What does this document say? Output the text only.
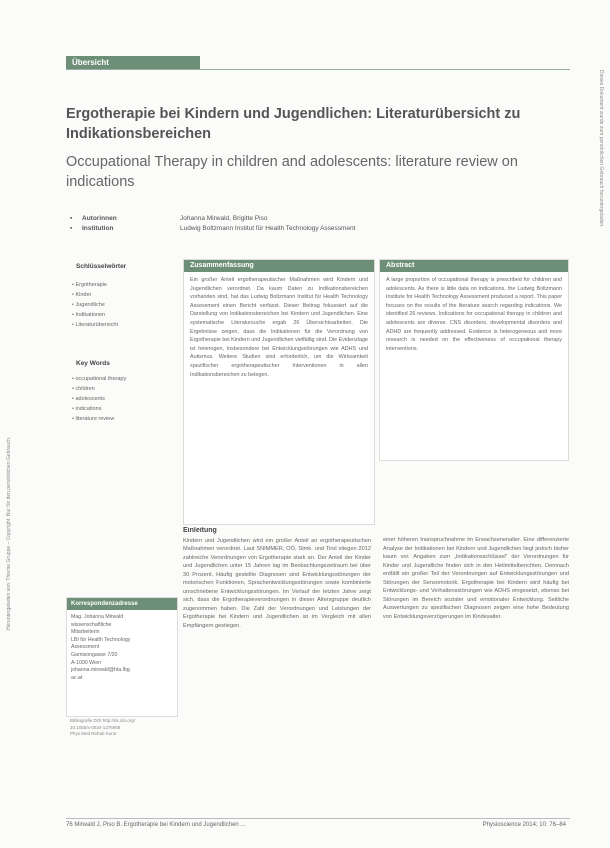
Heruntergeladen von: Thieme Gruppe – Copyright. Nur für den persönlichen Gebrauch.
Dieses Dokument wurde zum persönlichen Gebrauch heruntergeladen.
Übersicht
Ergotherapie bei Kindern und Jugendlichen: Literaturübersicht zu Indikationsbereichen
Occupational Therapy in children and adolescents: literature review on indications
▪ Autorinnen	Johanna Mirwald, Brigitte Piso
▪ Institution	Ludwig Boltzmann Institut für Health Technology Assessment
Schlüsselwörter
▪ Ergotherapie
▪ Kinder
▪ Jugendliche
▪ Indikationen
▪ Literaturübersicht
Key Words
▪ occupational therapy
▪ children
▪ adolescents
▪ indications
▪ literature review
Zusammenfassung
Ein großer Anteil ergotherapeutischer Maßnahmen wird Kindern und Jugendlichen verordnet. Da kaum Daten zu Indikationsbereichen vorhanden sind, hat das Ludwig Boltzmann Institut für Health Technology Assessment einen Bericht verfasst. Dieser Beitrag fokussiert auf die Darstellung von Indikationsbereichen bei Kindern und Jugendlichen. Eine systematische Literatursuche ergab 26 Übersichtsarbeiten. Die Ergebnisse zeigen, dass die Indikationen für die Verordnung von Ergotherapie bei Kindern und Jugendlichen vielfältig sind. Die Evidenzlage ist heterogen, insbesondere bei Entwicklungsstörungen wie ADHS und Autismus. Weitere Studien sind erforderlich, um die Wirksamkeit spezifischer ergotherapeutischer Interventionen in allen Indikationsbereichen zu belegen.
Abstract
A large proportion of occupational therapy is prescribed for children and adolescents. As there is little data on indications, the Ludwig Boltzmann Institute for Health Technology Assessment produced a report. This paper focuses on the results of the literature search regarding indications. We identified 26 reviews. Indications for occupational therapy in children and adolescents are diverse. CNS disorders, developmental disorders and ADHD are frequently addressed. Evidence is heterogeneous and more research is needed on the effectiveness of occupational therapy interventions.
Einleitung
Kindern und Jugendlichen wird ein großer Anteil an ergotherapeutischen Maßnahmen verordnet. Laut SNIMMER, OÖ, Stmk. und Tirol stiegen 2012 zahlreiche Verordnungen von Ergotherapie stark an. Der Anteil der Kinder und Jugendlichen unter 15 Jahren lag im Beobachtungszeitraum bei über 30 Prozent. Häufig gestellte Diagnosen sind Entwicklungsstörungen der motorischen Funktionen, Sprachentwicklungsstörungen sowie kombinierte umschriebene Entwicklungsstörungen. Im Verlauf der letzten Jahre zeigt sich, dass die Ergotherapieverordnungen in dieser Altersgruppe deutlich zugenommen haben. Die Zahl der Verordnungen und Leistungen der Ergotherapie bei Kindern und Jugendlichen ist im Vergleich mit allen Empfängern gestiegen.
einer höheren Inanspruchnahme im Erwachsenenalter. Eine differenzierte Analyse der Indikationen bei Kindern und Jugendlichen liegt jedoch bisher kaum vor. Angaben zum „Indikationsschlüssel“ der Verordnungen für Kinder und Jugendliche finden sich in den Heilmittelberichten. Demnach entfällt ein großer Teil der Verordnungen auf Entwicklungsstörungen und Störungen der Sensomotorik. Ergotherapie bei Kindern wird häufig bei Entwicklungs- und Verhaltensstörungen wie ADHS eingesetzt, ebenso bei Störungen im Bereich sozialer und emotionaler Entwicklung. Seitliche Auswertungen zu spezifischen Diagnosen zeigen eine hohe Bedeutung von Entwicklungsverzögerungen im Kindesalter.
Korrespondenzadresse
Mag. Johanna Mirwald
wissenschaftliche
Mitarbeiterin
LBI für Health Technology
Assessment
Garnisongasse 7/20
A-1090 Wien
johanna.mirwald@hta.lbg.
ac.at
Bibliografie DOI http://dx.doi.org/
10.1055/s-0034-1376958
Phys Med Rehab Kuror
76 Mirwald J, Piso B. Ergotherapie bei Kindern und Jugendlichen ...	Physioscience 2014; 10: 76–84
